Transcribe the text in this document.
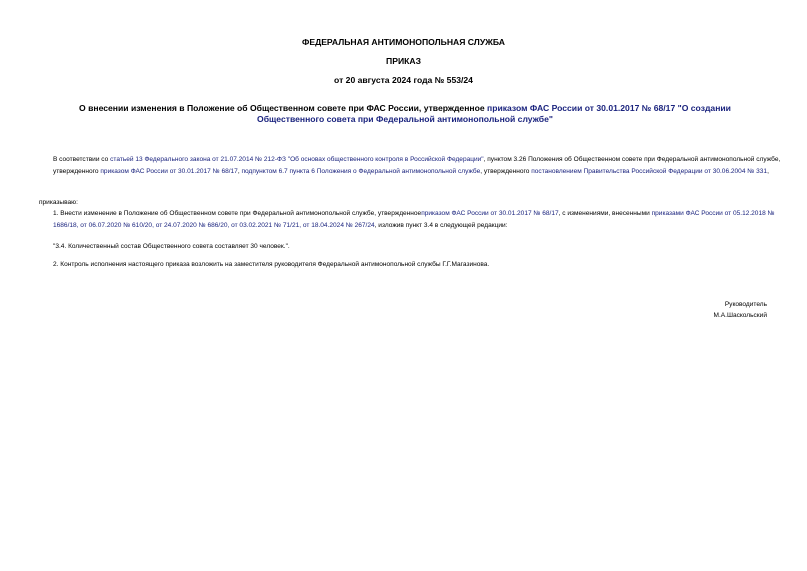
ФЕДЕРАЛЬНАЯ АНТИМОНОПОЛЬНАЯ СЛУЖБА
ПРИКАЗ
от 20 августа 2024 года № 553/24
О внесении изменения в Положение об Общественном совете при ФАС России, утвержденное приказом ФАС России от 30.01.2017 № 68/17 "О создании Общественного совета при Федеральной антимонопольной службе"
В соответствии со статьей 13 Федерального закона от 21.07.2014 № 212-ФЗ "Об основах общественного контроля в Российской Федерации", пунктом 3.26 Положения об Общественном совете при Федеральной антимонопольной службе, утвержденного приказом ФАС России от 30.01.2017 № 68/17, подпунктом 6.7 пункта 6 Положения о Федеральной антимонопольной службе, утвержденного постановлением Правительства Российской Федерации от 30.06.2004 № 331,
приказываю:
1. Внести изменение в Положение об Общественном совете при Федеральной антимонопольной службе, утвержденноеприказом ФАС России от 30.01.2017 № 68/17, с изменениями, внесенными приказами ФАС России от 05.12.2018 № 1686/18, от 06.07.2020 № 610/20, от 24.07.2020 № 686/20, от 03.02.2021 № 71/21, от 18.04.2024 № 267/24, изложив пункт 3.4 в следующей редакции:
"3.4. Количественный состав Общественного совета составляет 30 человек.".
2. Контроль исполнения настоящего приказа возложить на заместителя руководителя Федеральной антимонопольной службы Г.Г.Магазинова.
Руководитель
М.А.Шаскольский
